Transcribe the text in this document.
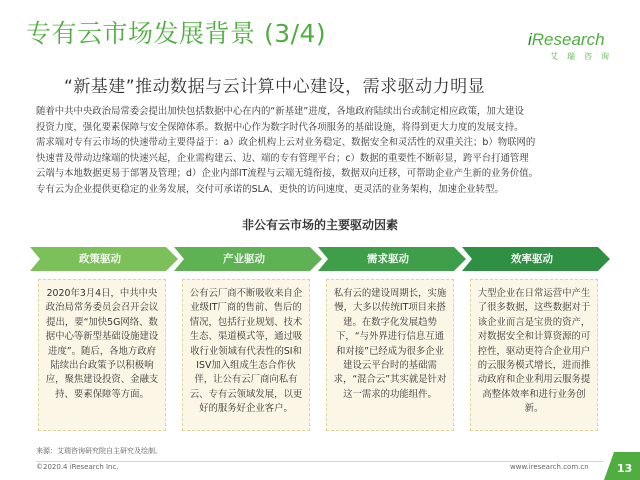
专有云市场发展背景 (3/4)	iResearch
艾瑞咨询
“新基建”推动数据与云计算中心建设，需求驱动力明显

随着中共中央政治局常委会提出加快包括数据中心在内的“新基建”进度，各地政府陆续出台或制定相应政策，加大建设

投资力度，强化要素保障与安全保障体系。数据中心作为数字时代各项服务的基础设施，将得到更大力度的发展支持。

需求端对专有云市场的快速带动主要得益于：a）政企机构上云对业务稳定、数据安全和灵活性的双重关注；b）物联网的

快速普及带动边缘端的快速兴起，企业需构建云、边、端的专有管理平台；c）数据的重要性不断彰显，跨平台打通管理

云端与本地数据更易于部署及管理；d）企业内部IT流程与云端无缝衔接，数据双向迁移，可帮助企业产生新的业务价值。

专有云为企业提供更稳定的业务发展，交付可承诺的SLA、更快的访问速度、更灵活的业务架构，加速企业转型。

非公有云市场的主要驱动因素
政策驱动
2020年3月4日，中共中央政治局常务委员会召开会议提出，要“加快5G网络、数据中心等新型基础设施建设进度”。随后，各地方政府陆续出台政策予以积极响应，聚焦建设投资、金融支持、要素保障等方面。
产业驱动
公有云厂商不断吸收来自企业级IT厂商的售前、售后的情况，包括行业规划、技术生态、渠道模式等，通过吸收行业领域有代表性的SI和ISV加入组成生态合作伙伴，让公有云厂商向私有云、专有云领域发展，以更好的服务好企业客户。
需求驱动
私有云的建设周期长，实施慢，大多以传统IT项目来搭建。在数字化发展趋势下，“与外界进行信息互通和对接”已经成为很多企业建设云平台时的基础需求，“混合云”其实就是针对这一需求的功能组件。
效率驱动
大型企业在日常运营中产生了很多数据，这些数据对于该企业而言是宝贵的资产，对数据安全和计算资源的可控性，驱动更符合企业用户的云服务模式增长，进而推动政府和企业利用云服务提高整体效率和进行业务创新。
来源：艾瑞咨询研究院自主研究及绘制。
©2020.4 iResearch Inc.	www.iresearch.com.cn	13
